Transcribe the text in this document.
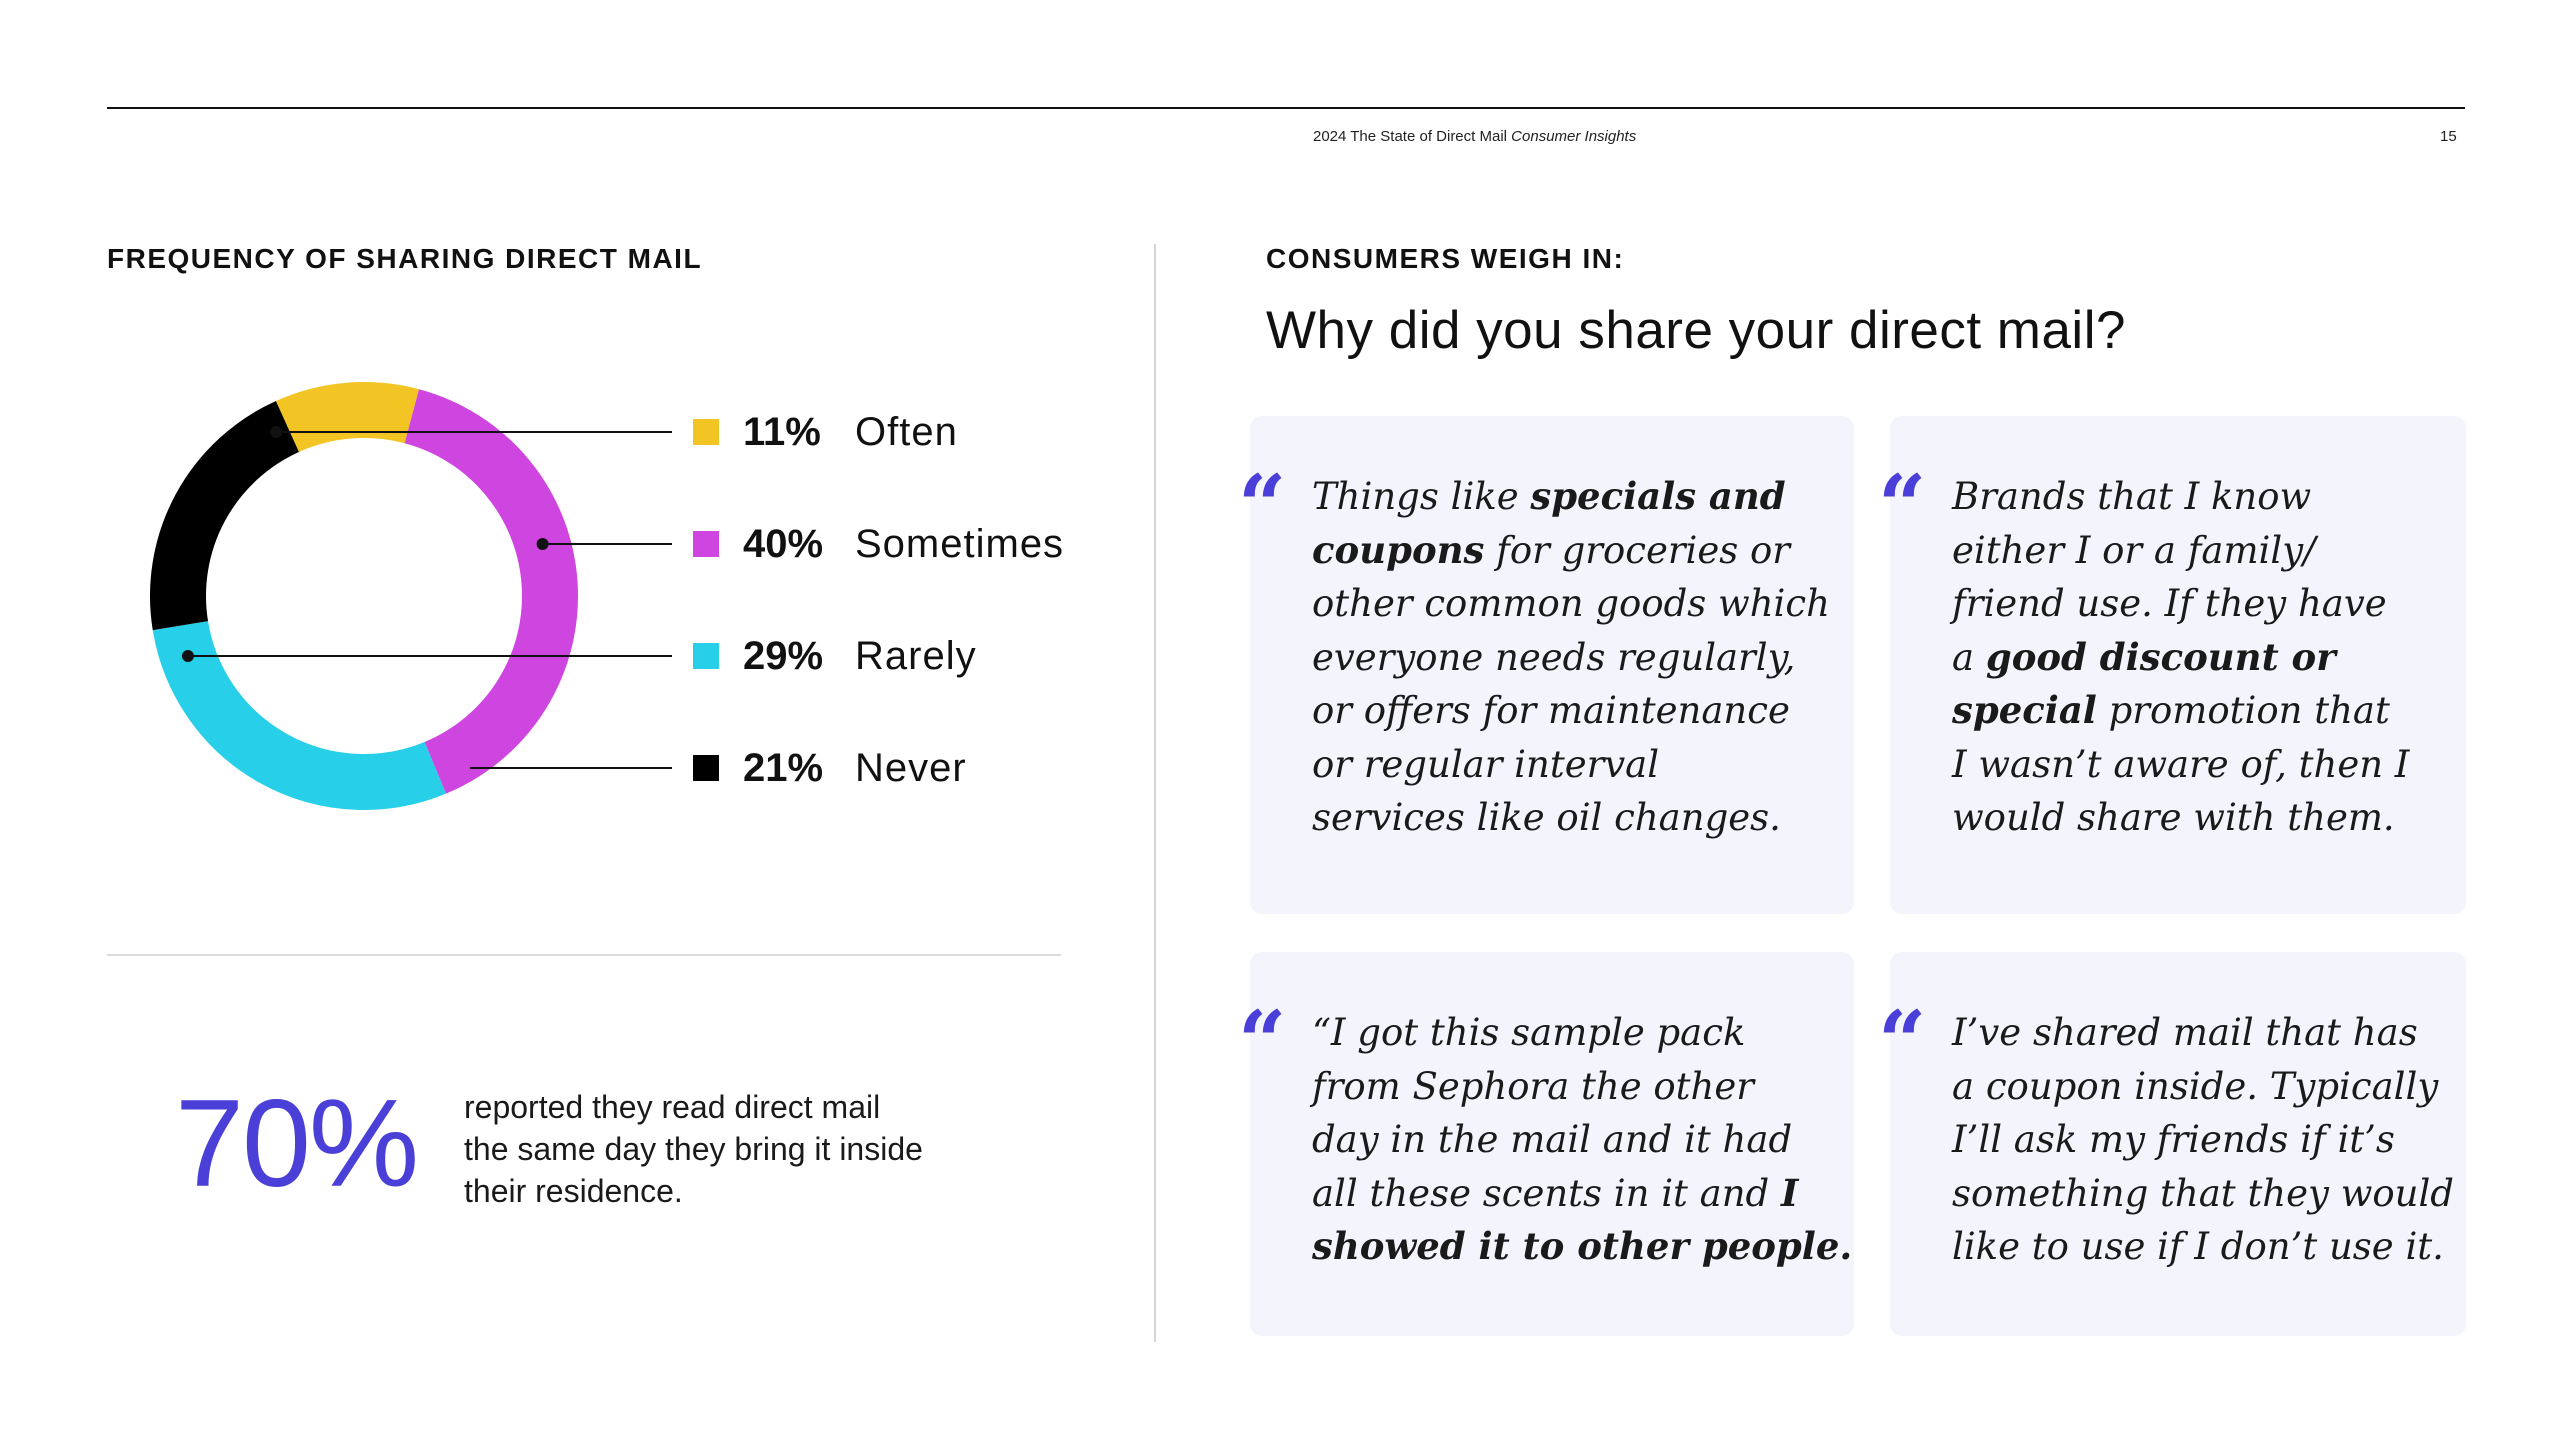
2024 The State of Direct Mail Consumer Insights	15
FREQUENCY OF SHARING DIRECT MAIL
11% Often
40% Sometimes
29% Rarely
21% Never
70% reported they read direct mail
the same day they bring it inside
their residence.
CONSUMERS WEIGH IN:
Why did you share your direct mail?
“ Things like specials and
coupons for groceries or
other common goods which
everyone needs regularly,
or offers for maintenance
or regular interval
services like oil changes.
“ Brands that I know
either I or a family/
friend use. If they have
a good discount or
special promotion that
I wasn’t aware of, then I
would share with them.
“ “I got this sample pack
from Sephora the other
day in the mail and it had
all these scents in it and I
showed it to other people.
“ I’ve shared mail that has
a coupon inside. Typically
I’ll ask my friends if it’s
something that they would
like to use if I don’t use it.
